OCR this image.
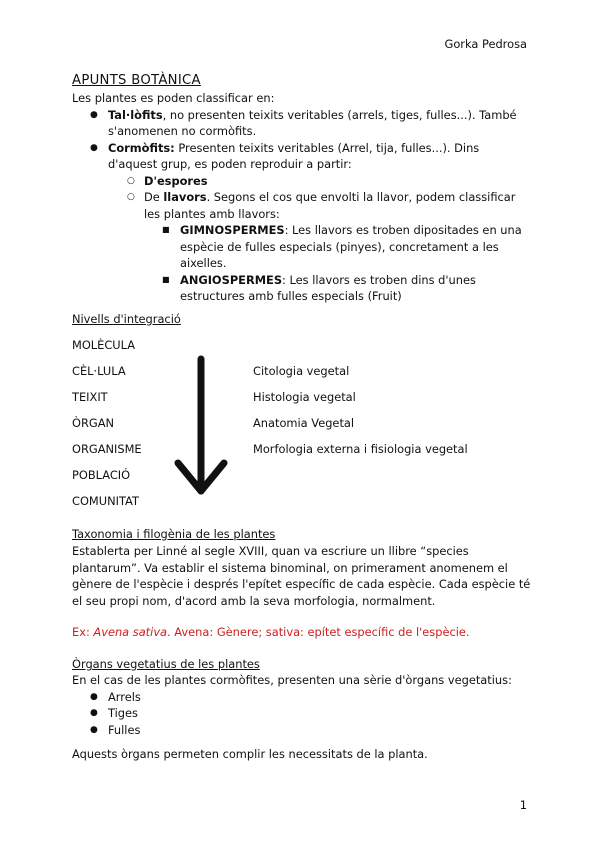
Gorka Pedrosa
APUNTS BOTÀNICA
Les plantes es poden classificar en:
● Tal·lòfits, no presenten teixits veritables (arrels, tiges, fulles...). També s'anomenen no cormòfits.
● Cormòfits: Presenten teixits veritables (Arrel, tija, fulles...). Dins d'aquest grup, es poden reproduir a partir:
○ D'espores
○ De llavors. Segons el cos que envolti la llavor, podem classificar les plantes amb llavors:
■ GIMNOSPERMES: Les llavors es troben dipositades en una espècie de fulles especials (pinyes), concretament a les aixelles.
■ ANGIOSPERMES: Les llavors es troben dins d'unes estructures amb fulles especials (Fruit)
Nivells d'integració
MOLÈCULA
CÈL·LULA	Citologia vegetal
TEIXIT	Histologia vegetal
ÒRGAN	Anatomia Vegetal
ORGANISME	Morfologia externa i fisiologia vegetal
POBLACIÓ
COMUNITAT
Taxonomia i filogènia de les plantes
Establerta per Linné al segle XVIII, quan va escriure un llibre “species plantarum”. Va establir el sistema binominal, on primerament anomenem el gènere de l'espècie i després l'epítet específic de cada espècie. Cada espècie té el seu propi nom, d'acord amb la seva morfologia, normalment.
Ex: Avena sativa. Avena: Gènere; sativa: epítet específic de l'espècie.
Òrgans vegetatius de les plantes
En el cas de les plantes cormòfites, presenten una sèrie d'òrgans vegetatius:
● Arrels
● Tiges
● Fulles
Aquests òrgans permeten complir les necessitats de la planta.
1
